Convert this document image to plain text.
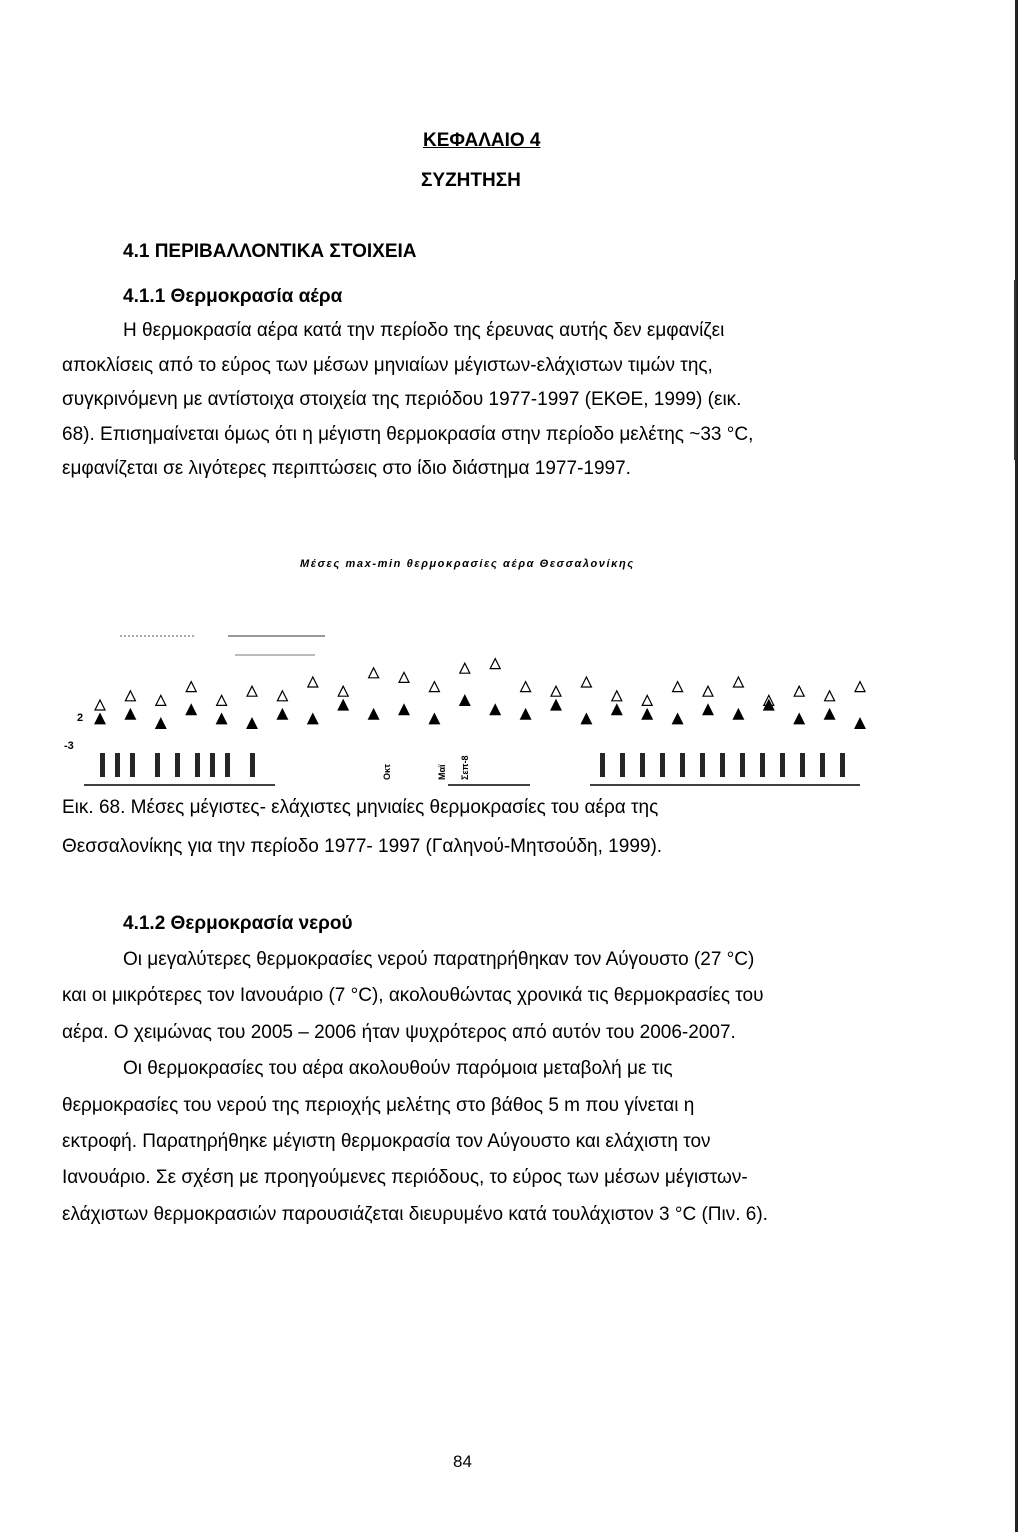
ΚΕΦΑΛΑΙΟ 4
ΣΥΖΗΤΗΣΗ
4.1 ΠΕΡΙΒΑΛΛΟΝΤΙΚΑ ΣΤΟΙΧΕΙΑ
4.1.1 Θερμοκρασία αέρα
Η θερμοκρασία αέρα κατά την περίοδο της έρευνας αυτής δεν εμφανίζει
αποκλίσεις από το εύρος των μέσων μηνιαίων μέγιστων-ελάχιστων τιμών της,
συγκρινόμενη με αντίστοιχα στοιχεία της περιόδου 1977-1997 (ΕΚΘΕ, 1999) (εικ.
68). Επισημαίνεται όμως ότι η μέγιστη θερμοκρασία στην περίοδο μελέτης ~33 °C,
εμφανίζεται σε λιγότερες περιπτώσεις στο ίδιο διάστημα 1977-1997.
Μέσες max-min θερμοκρασίες αέρα Θεσσαλονίκης
2
-3
Οκτ	Μαϊ Σεπ-8
Εικ. 68. Μέσες μέγιστες- ελάχιστες μηνιαίες θερμοκρασίες του αέρα της
Θεσσαλονίκης για την περίοδο 1977- 1997 (Γαληνού-Μητσούδη, 1999).
4.1.2 Θερμοκρασία νερού
Οι μεγαλύτερες θερμοκρασίες νερού παρατηρήθηκαν τον Αύγουστο (27 °C)
και οι μικρότερες τον Ιανουάριο (7 °C), ακολουθώντας χρονικά τις θερμοκρασίες του
αέρα. Ο χειμώνας του 2005 – 2006 ήταν ψυχρότερος από αυτόν του 2006-2007.
Οι θερμοκρασίες του αέρα ακολουθούν παρόμοια μεταβολή με τις
θερμοκρασίες του νερού της περιοχής μελέτης στο βάθος 5 m που γίνεται η
εκτροφή. Παρατηρήθηκε μέγιστη θερμοκρασία τον Αύγουστο και ελάχιστη τον
Ιανουάριο. Σε σχέση με προηγούμενες περιόδους, το εύρος των μέσων μέγιστων-
ελάχιστων θερμοκρασιών παρουσιάζεται διευρυμένο κατά τουλάχιστον 3 °C (Πιν. 6).
84
